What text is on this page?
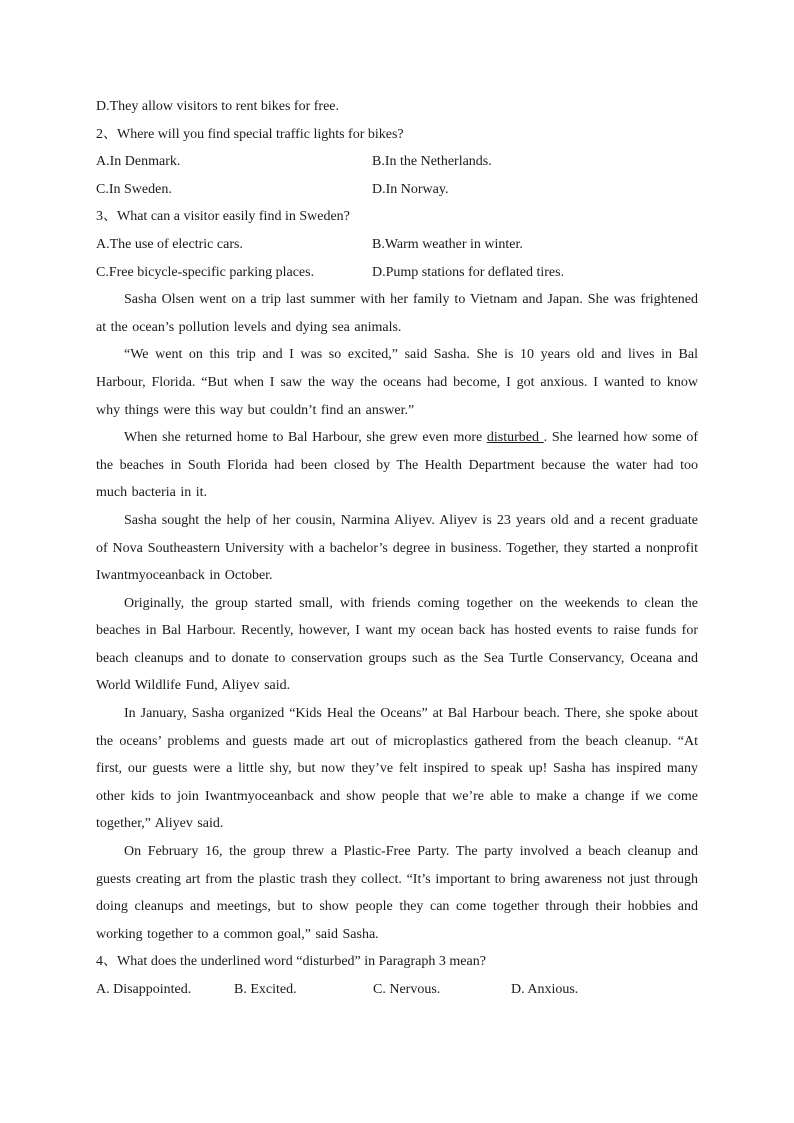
D.They allow visitors to rent bikes for free.
2、Where will you find special traffic lights for bikes?
A.In Denmark.	B.In the Netherlands.
C.In Sweden.	D.In Norway.
3、What can a visitor easily find in Sweden?
A.The use of electric cars.	B.Warm weather in winter.
C.Free bicycle-specific parking places.	D.Pump stations for deflated tires.

Sasha Olsen went on a trip last summer with her family to Vietnam and Japan. She was frightened at the ocean’s pollution levels and dying sea animals.

“We went on this trip and I was so excited,” said Sasha. She is 10 years old and lives in Bal Harbour, Florida. “But when I saw the way the oceans had become, I got anxious. I wanted to know why things were this way but couldn’t find an answer.”

When she returned home to Bal Harbour, she grew even more disturbed . She learned how some of the beaches in South Florida had been closed by The Health Department because the water had too much bacteria in it.

Sasha sought the help of her cousin, Narmina Aliyev. Aliyev is 23 years old and a recent graduate of Nova Southeastern University with a bachelor’s degree in business. Together, they started a nonprofit Iwantmyoceanback in October.

Originally, the group started small, with friends coming together on the weekends to clean the beaches in Bal Harbour. Recently, however, I want my ocean back has hosted events to raise funds for beach cleanups and to donate to conservation groups such as the Sea Turtle Conservancy, Oceana and World Wildlife Fund, Aliyev said.

In January, Sasha organized “Kids Heal the Oceans” at Bal Harbour beach. There, she spoke about the oceans’ problems and guests made art out of microplastics gathered from the beach cleanup. “At first, our guests were a little shy, but now they’ve felt inspired to speak up! Sasha has inspired many other kids to join Iwantmyoceanback and show people that we’re able to make a change if we come together,” Aliyev said.

On February 16, the group threw a Plastic-Free Party. The party involved a beach cleanup and guests creating art from the plastic trash they collect. “It’s important to bring awareness not just through doing cleanups and meetings, but to show people they can come together through their hobbies and working together to a common goal,” said Sasha.

4、What does the underlined word “disturbed” in Paragraph 3 mean?
A. Disappointed.	B. Excited.	C. Nervous.	D. Anxious.
